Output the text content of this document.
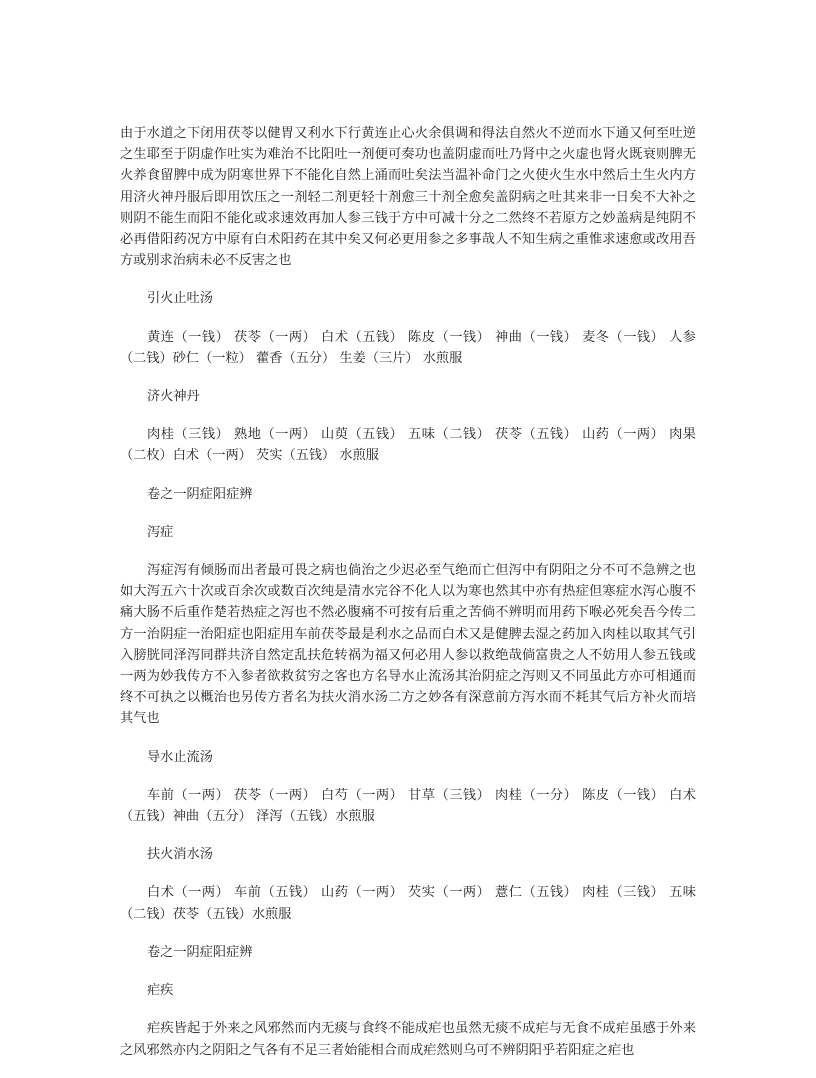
由于水道之下闭用茯苓以健胃又利水下行黄连止心火余俱调和得法自然火不逆而水下通又何至吐逆之生耶至于阴虚作吐实为难治不比阳吐一剂便可奏功也盖阴虚而吐乃肾中之火虚也肾火既衰则脾无火养食留脾中成为阴寒世界下不能化自然上涌而吐矣法当温补命门之火使火生水中然后土生火内方用济火神丹服后即用饮压之一剂轻二剂更轻十剂愈三十剂全愈矣盖阴病之吐其来非一日矣不大补之则阴不能生而阳不能化或求速效再加人参三钱于方中可减十分之二然终不若原方之妙盖病是纯阴不必再借阳药况方中原有白术阳药在其中矣又何必更用参之多事哉人不知生病之重惟求速愈或改用吾方或别求治病未必不反害之也

引火止吐汤

黄连（一钱） 茯苓（一两） 白术（五钱） 陈皮（一钱） 神曲（一钱） 麦冬（一钱） 人参（二钱）砂仁（一粒） 藿香（五分） 生姜（三片） 水煎服

济火神丹

肉桂（三钱） 熟地（一两） 山萸（五钱） 五味（二钱） 茯苓（五钱） 山药（一两） 肉果（二枚）白术（一两） 芡实（五钱） 水煎服

卷之一阴症阳症辨

泻症

泻症泻有倾肠而出者最可畏之病也倘治之少迟必至气绝而亡但泻中有阴阳之分不可不急辨之也如大泻五六十次或百余次或数百次纯是清水完谷不化人以为寒也然其中亦有热症但寒症水泻心腹不痛大肠不后重作楚若热症之泻也不然必腹痛不可按有后重之苦倘不辨明而用药下喉必死矣吾今传二方一治阴症一治阳症也阳症用车前茯苓最是利水之品而白术又是健脾去湿之药加入肉桂以取其气引入膀胱同泽泻同群共济自然定乱扶危转祸为福又何必用人参以救绝哉倘富贵之人不妨用人参五钱或一两为妙我传方不入参者欲救贫穷之客也方名导水止流汤其治阴症之泻则又不同虽此方亦可相通而终不可执之以概治也另传方者名为扶火消水汤二方之妙各有深意前方泻水而不耗其气后方补火而培其气也

导水止流汤

车前（一两） 茯苓（一两） 白芍（一两） 甘草（三钱） 肉桂（一分） 陈皮（一钱） 白术（五钱）神曲（五分） 泽泻（五钱）水煎服

扶火消水汤

白术（一两） 车前（五钱） 山药（一两） 芡实（一两） 薏仁（五钱） 肉桂（三钱） 五味（二钱）茯苓（五钱）水煎服

卷之一阴症阳症辨

疟疾

疟疾皆起于外来之风邪然而内无痰与食终不能成疟也虽然无痰不成疟与无食不成疟虽感于外来之风邪然亦内之阴阳之气各有不足三者始能相合而成疟然则乌可不辨阴阳乎若阳症之疟也
